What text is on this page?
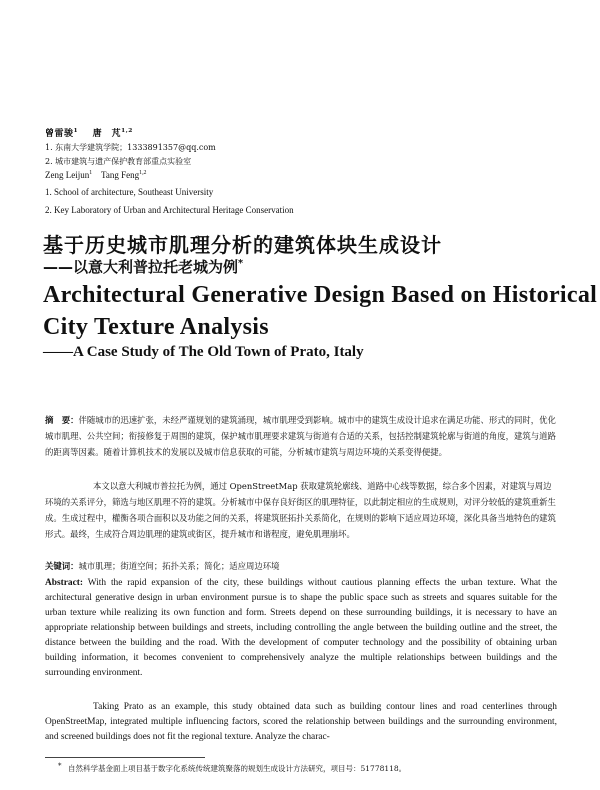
曾雷骏$^1$ 唐　芃$^{1,2}$
1. 东南大学建筑学院；1333891357@qq.com
2. 城市建筑与遗产保护教育部重点实验室
Zeng Leijun$^1$ Tang Feng$^{1,2}$
1. School of architecture, Southeast University
2. Key Laboratory of Urban and Architectural Heritage Conservation
基于历史城市肌理分析的建筑体块生成设计
——以意大利普拉托老城为例*
Architectural Generative Design Based on Historical
City Texture Analysis
——A Case Study of The Old Town of Prato, Italy
摘　要：伴随城市的迅速扩张，未经严谨规划的建筑涌现，城市肌理受到影响。城市中的建筑生成设计追求在满足功能、形式的同时，优化城市肌理、公共空间；衔接修复于周围的建筑，保护城市肌理要求建筑与街道有合适的关系，包括控制建筑轮廓与街道的角度，建筑与道路的距离等因素。随着计算机技术的发展以及城市信息获取的可能，分析城市建筑与周边环境的关系变得便捷。
本文以意大利城市普拉托为例，通过 OpenStreetMap 获取建筑轮廓线、道路中心线等数据，综合多个因素，对建筑与周边环境的关系评分，筛选与地区肌理不符的建筑。分析城市中保存良好街区的肌理特征，以此制定相应的生成规则，对评分较低的建筑重新生成。生成过程中，權衡各项合面积以及功能之间的关系，将建筑胚拓扑关系简化，在规则的影响下适应周边环境，深化具备当地特色的建筑形式。最终，生成符合周边肌理的建筑或街区，提升城市和谐程度，避免肌理崩坏。
关键词：城市肌理；街道空间；拓扑关系；简化；适应周边环境
Abstract: With the rapid expansion of the city, these buildings without cautious planning effects the urban texture. What the architectural generative design in urban environment pursue is to shape the public space such as streets and squares suitable for the urban texture while realizing its own function and form. Streets depend on these surrounding buildings, it is necessary to have an appropriate relationship between buildings and streets, including controlling the angle between the building outline and the street, the distance between the building and the road. With the development of computer technology and the possibility of obtaining urban building information, it becomes convenient to comprehensively analyze the multiple relationships between buildings and the surrounding environment.
Taking Prato as an example, this study obtained data such as building contour lines and road centerlines through OpenStreetMap, integrated multiple influencing factors, scored the relationship between buildings and the surrounding environment, and screened buildings does not fit the regional texture. Analyze the charac-
* 自然科学基金面上项目基于数字化系统传统建筑聚落的规划生成设计方法研究，项目号：51778118。
